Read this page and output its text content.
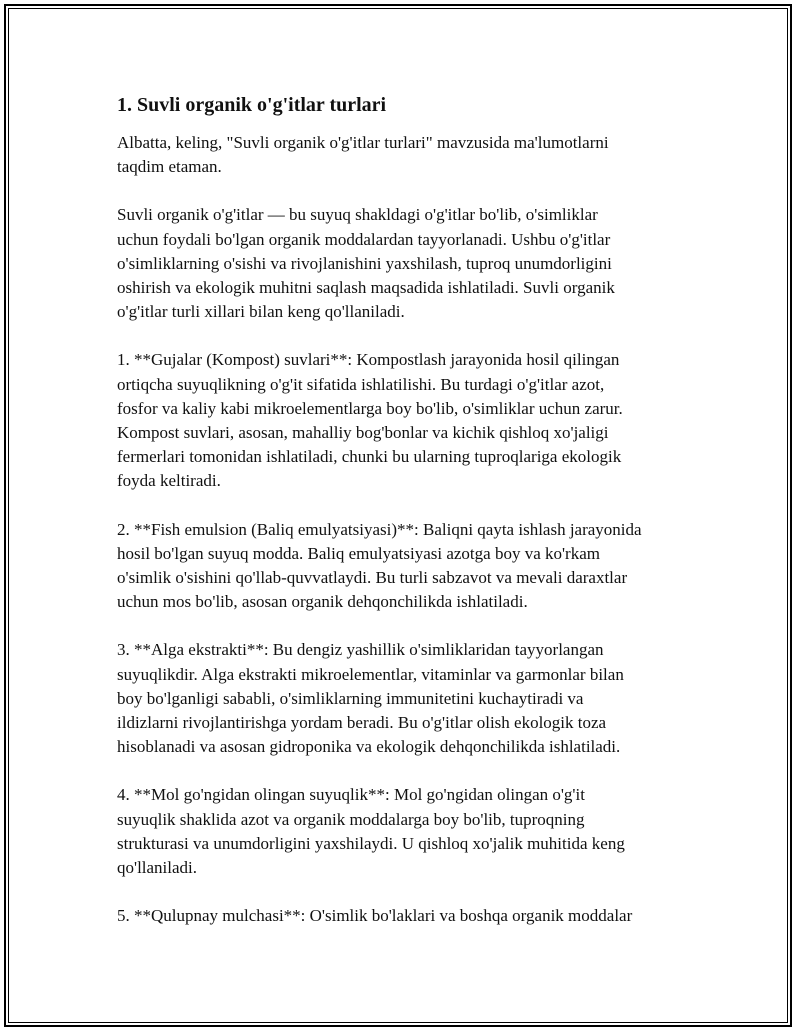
1. Suvli organik o'g'itlar turlari
Albatta, keling, "Suvli organik o'g'itlar turlari" mavzusida ma'lumotlarni
taqdim etaman.
Suvli organik o'g'itlar — bu suyuq shakldagi o'g'itlar bo'lib, o'simliklar
uchun foydali bo'lgan organik moddalardan tayyorlanadi. Ushbu o'g'itlar
o'simliklarning o'sishi va rivojlanishini yaxshilash, tuproq unumdorligini
oshirish va ekologik muhitni saqlash maqsadida ishlatiladi. Suvli organik
o'g'itlar turli xillari bilan keng qo'llaniladi.
1. **Gujalar (Kompost) suvlari**: Kompostlash jarayonida hosil qilingan
ortiqcha suyuqlikning o'g'it sifatida ishlatilishi. Bu turdagi o'g'itlar azot,
fosfor va kaliy kabi mikroelementlarga boy bo'lib, o'simliklar uchun zarur.
Kompost suvlari, asosan, mahalliy bog'bonlar va kichik qishloq xo'jaligi
fermerlari tomonidan ishlatiladi, chunki bu ularning tuproqlariga ekologik
foyda keltiradi.
2. **Fish emulsion (Baliq emulyatsiyasi)**: Baliqni qayta ishlash jarayonida
hosil bo'lgan suyuq modda. Baliq emulyatsiyasi azotga boy va ko'rkam
o'simlik o'sishini qo'llab-quvvatlaydi. Bu turli sabzavot va mevali daraxtlar
uchun mos bo'lib, asosan organik dehqonchilikda ishlatiladi.
3. **Alga ekstrakti**: Bu dengiz yashillik o'simliklaridan tayyorlangan
suyuqlikdir. Alga ekstrakti mikroelementlar, vitaminlar va garmonlar bilan
boy bo'lganligi sababli, o'simliklarning immunitetini kuchaytiradi va
ildizlarni rivojlantirishga yordam beradi. Bu o'g'itlar olish ekologik toza
hisoblanadi va asosan gidroponika va ekologik dehqonchilikda ishlatiladi.
4. **Mol go'ngidan olingan suyuqlik**: Mol go'ngidan olingan o'g'it
suyuqlik shaklida azot va organik moddalarga boy bo'lib, tuproqning
strukturasi va unumdorligini yaxshilaydi. U qishloq xo'jalik muhitida keng
qo'llaniladi.
5. **Qulupnay mulchasi**: O'simlik bo'laklari va boshqa organik moddalar
